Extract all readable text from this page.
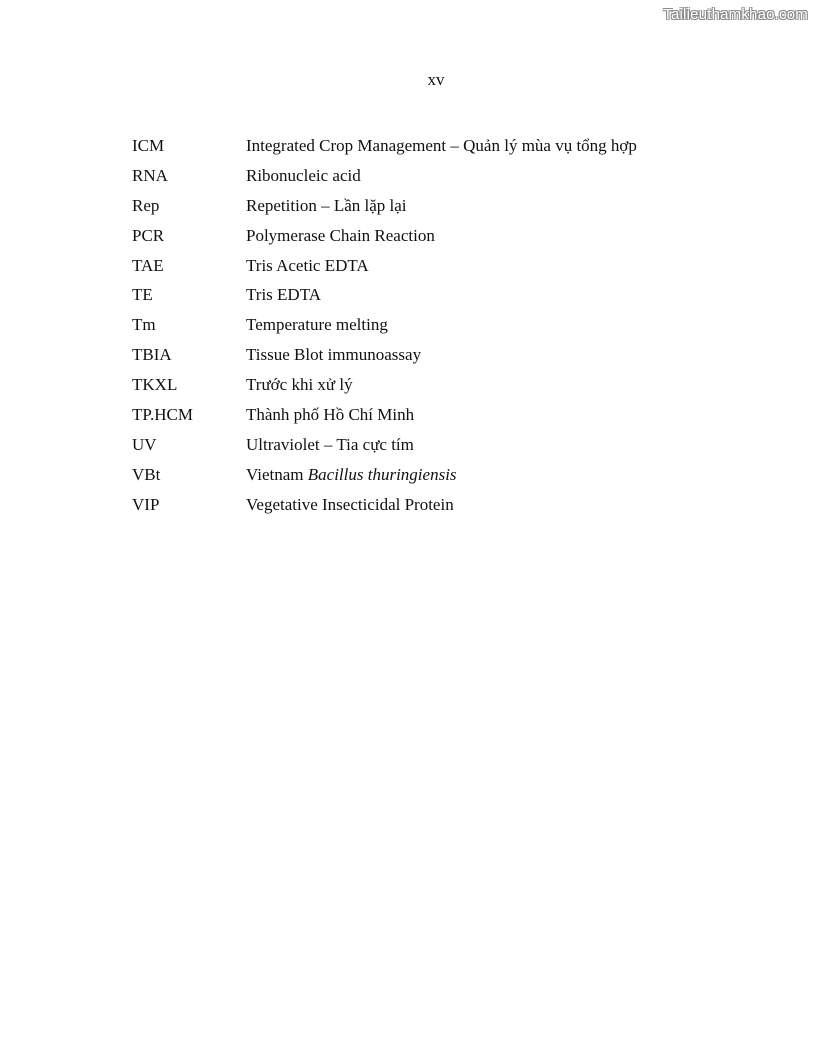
Tailieuthamkhao.com
xv
ICM	Integrated Crop Management – Quản lý mùa vụ tổng hợp
RNA	Ribonucleic acid
Rep	Repetition – Lần lặp lại
PCR	Polymerase Chain Reaction
TAE	Tris Acetic EDTA
TE	Tris EDTA
Tm	Temperature melting
TBIA	Tissue Blot immunoassay
TKXL	Trước khi xử lý
TP.HCM	Thành phố Hồ Chí Minh
UV	Ultraviolet – Tia cực tím
VBt	Vietnam Bacillus thuringiensis
VIP	Vegetative Insecticidal Protein
